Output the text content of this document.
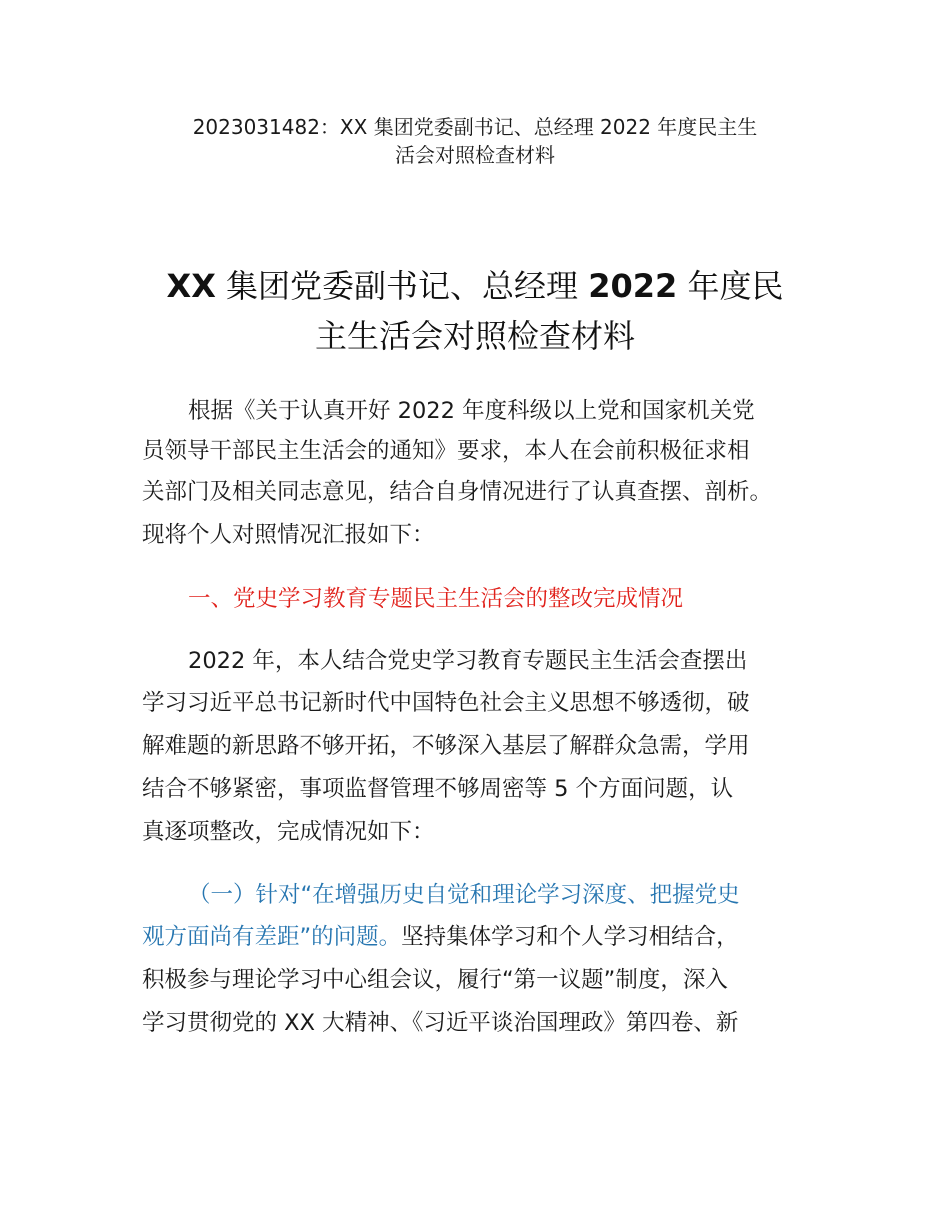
2023031482：XX 集团党委副书记、总经理 2022 年度民主生
活会对照检查材料
XX 集团党委副书记、总经理 2022 年度民
主生活会对照检查材料
根据《关于认真开好 2022 年度科级以上党和国家机关党
员领导干部民主生活会的通知》要求，本人在会前积极征求相
关部门及相关同志意见，结合自身情况进行了认真查摆、剖析。
现将个人对照情况汇报如下：
一、党史学习教育专题民主生活会的整改完成情况
2022 年，本人结合党史学习教育专题民主生活会查摆出
学习习近平总书记新时代中国特色社会主义思想不够透彻，破
解难题的新思路不够开拓，不够深入基层了解群众急需，学用
结合不够紧密，事项监督管理不够周密等 5 个方面问题，认
真逐项整改，完成情况如下：
（一）针对“在增强历史自觉和理论学习深度、把握党史
观方面尚有差距”的问题。坚持集体学习和个人学习相结合，
积极参与理论学习中心组会议，履行“第一议题”制度，深入
学习贯彻党的 XX 大精神、《习近平谈治国理政》第四卷、新
